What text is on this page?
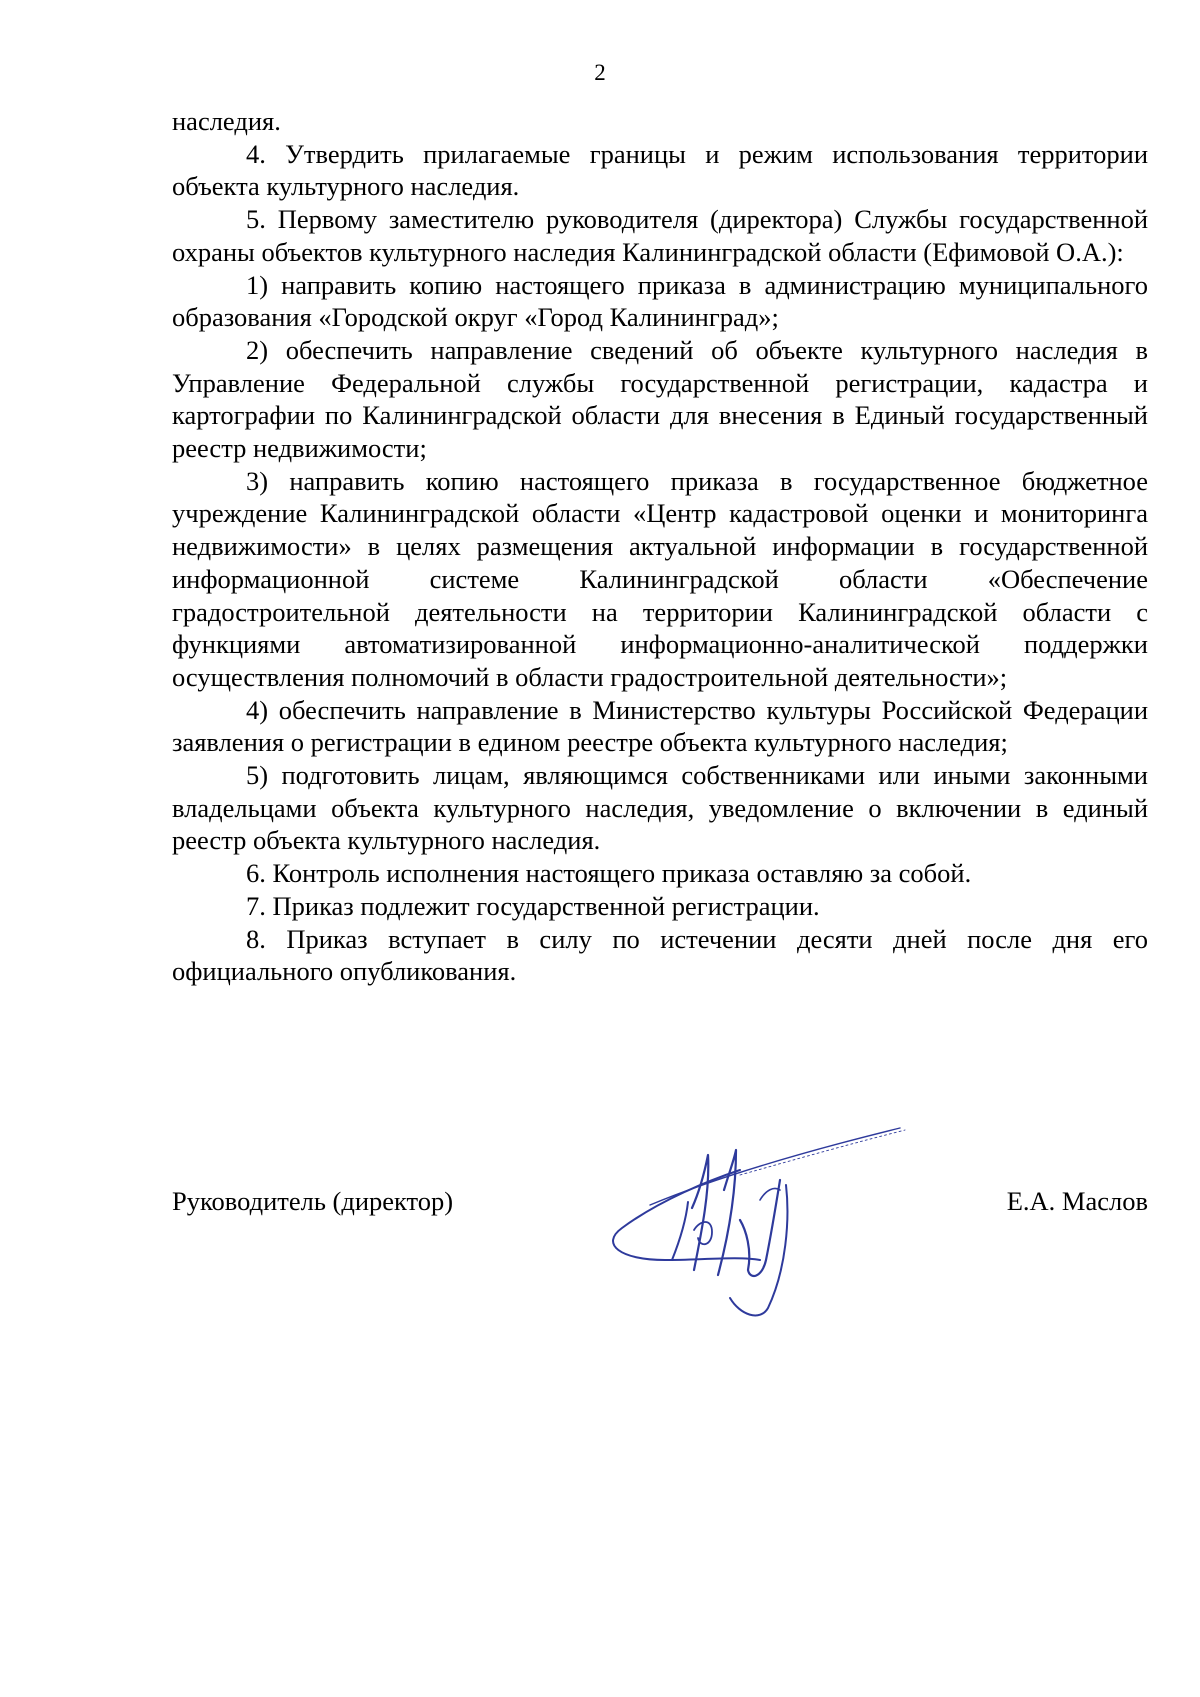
2

наследия.

4. Утвердить прилагаемые границы и режим использования территории объекта культурного наследия.

5. Первому заместителю руководителя (директора) Службы государственной охраны объектов культурного наследия Калининградской области (Ефимовой О.А.):

1) направить копию настоящего приказа в администрацию муниципального образования «Городской округ «Город Калининград»;

2) обеспечить направление сведений об объекте культурного наследия в Управление Федеральной службы государственной регистрации, кадастра и картографии по Калининградской области для внесения в Единый государственный реестр недвижимости;

3) направить копию настоящего приказа в государственное бюджетное учреждение Калининградской области «Центр кадастровой оценки и мониторинга недвижимости» в целях размещения актуальной информации в государственной информационной системе Калининградской области «Обеспечение градостроительной деятельности на территории Калининградской области с функциями автоматизированной информационно-аналитической поддержки осуществления полномочий в области градостроительной деятельности»;

4) обеспечить направление в Министерство культуры Российской Федерации заявления о регистрации в едином реестре объекта культурного наследия;

5) подготовить лицам, являющимся собственниками или иными законными владельцами объекта культурного наследия, уведомление о включении в единый реестр объекта культурного наследия.

6. Контроль исполнения настоящего приказа оставляю за собой.

7. Приказ подлежит государственной регистрации.

8. Приказ вступает в силу по истечении десяти дней после дня его официального опубликования.

Руководитель (директор)	Е.А. Маслов
